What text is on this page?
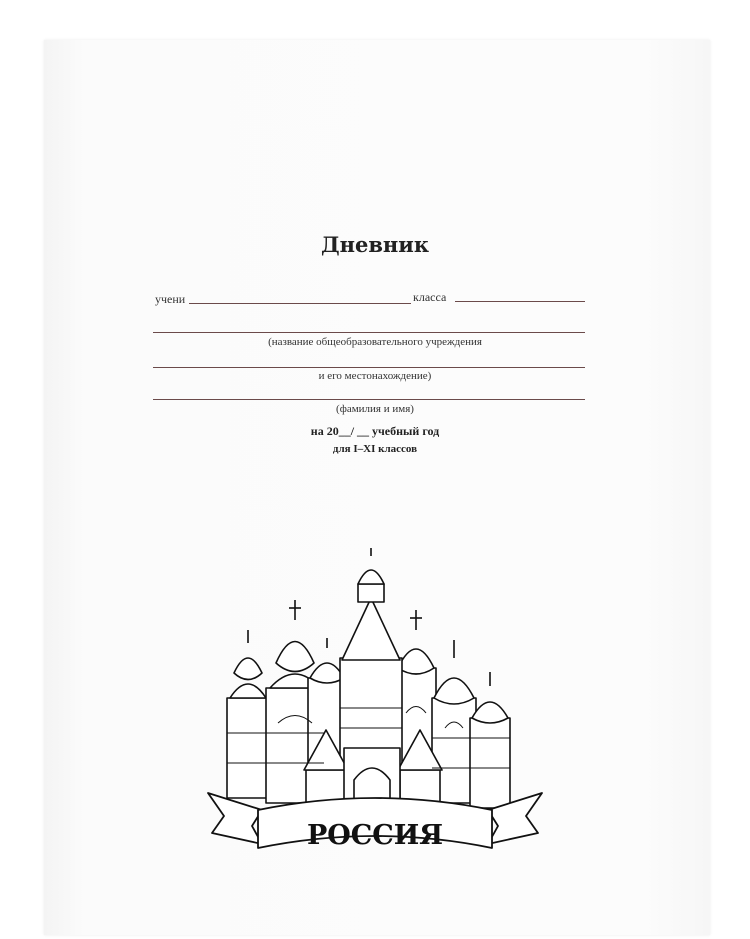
Дневник
учени	класса
(название общеобразовательного учреждения
и его местонахождение)
(фамилия и имя)
на 20__/ __ учебный год
для I–XI классов
РОССИЯ
